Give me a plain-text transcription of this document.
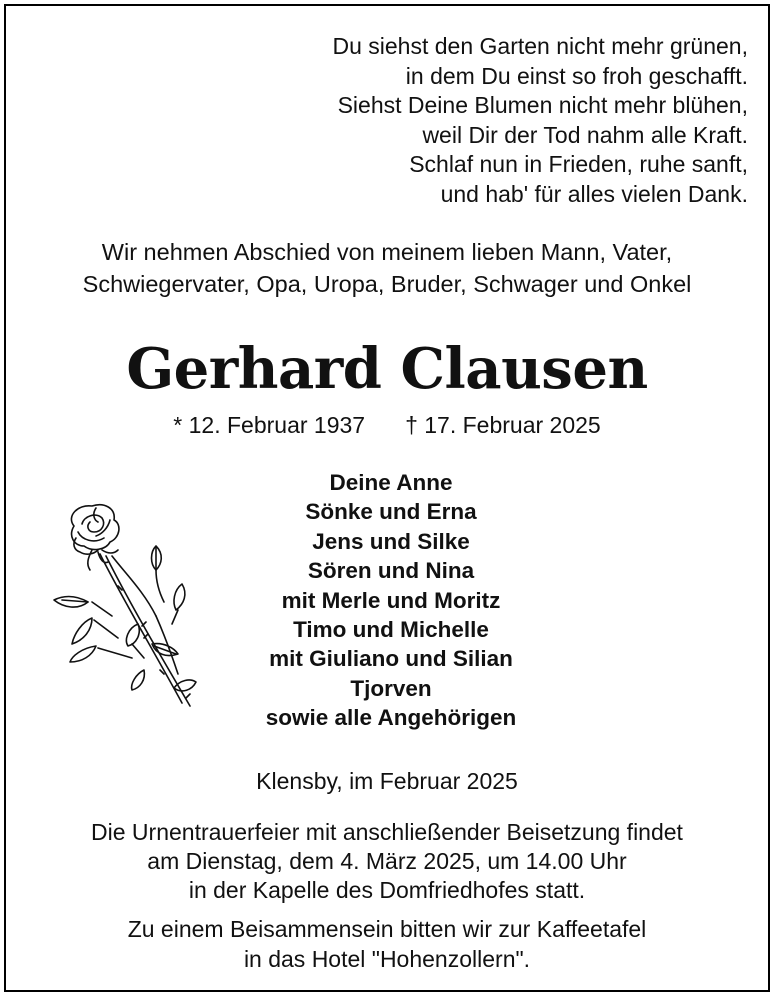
Du siehst den Garten nicht mehr grünen,
in dem Du einst so froh geschafft.
Siehst Deine Blumen nicht mehr blühen,
weil Dir der Tod nahm alle Kraft.
Schlaf nun in Frieden, ruhe sanft,
und hab' für alles vielen Dank.
Wir nehmen Abschied von meinem lieben Mann, Vater,
Schwiegervater, Opa, Uropa, Bruder, Schwager und Onkel
Gerhard Clausen
* 12. Februar 1937 † 17. Februar 2025
Deine Anne
Sönke und Erna
Jens und Silke
Sören und Nina
mit Merle und Moritz
Timo und Michelle
mit Giuliano und Silian
Tjorven
sowie alle Angehörigen
Klensby, im Februar 2025
Die Urnentrauerfeier mit anschließender Beisetzung findet
am Dienstag, dem 4. März 2025, um 14.00 Uhr
in der Kapelle des Domfriedhofes statt.
Zu einem Beisammensein bitten wir zur Kaffeetafel
in das Hotel "Hohenzollern".
